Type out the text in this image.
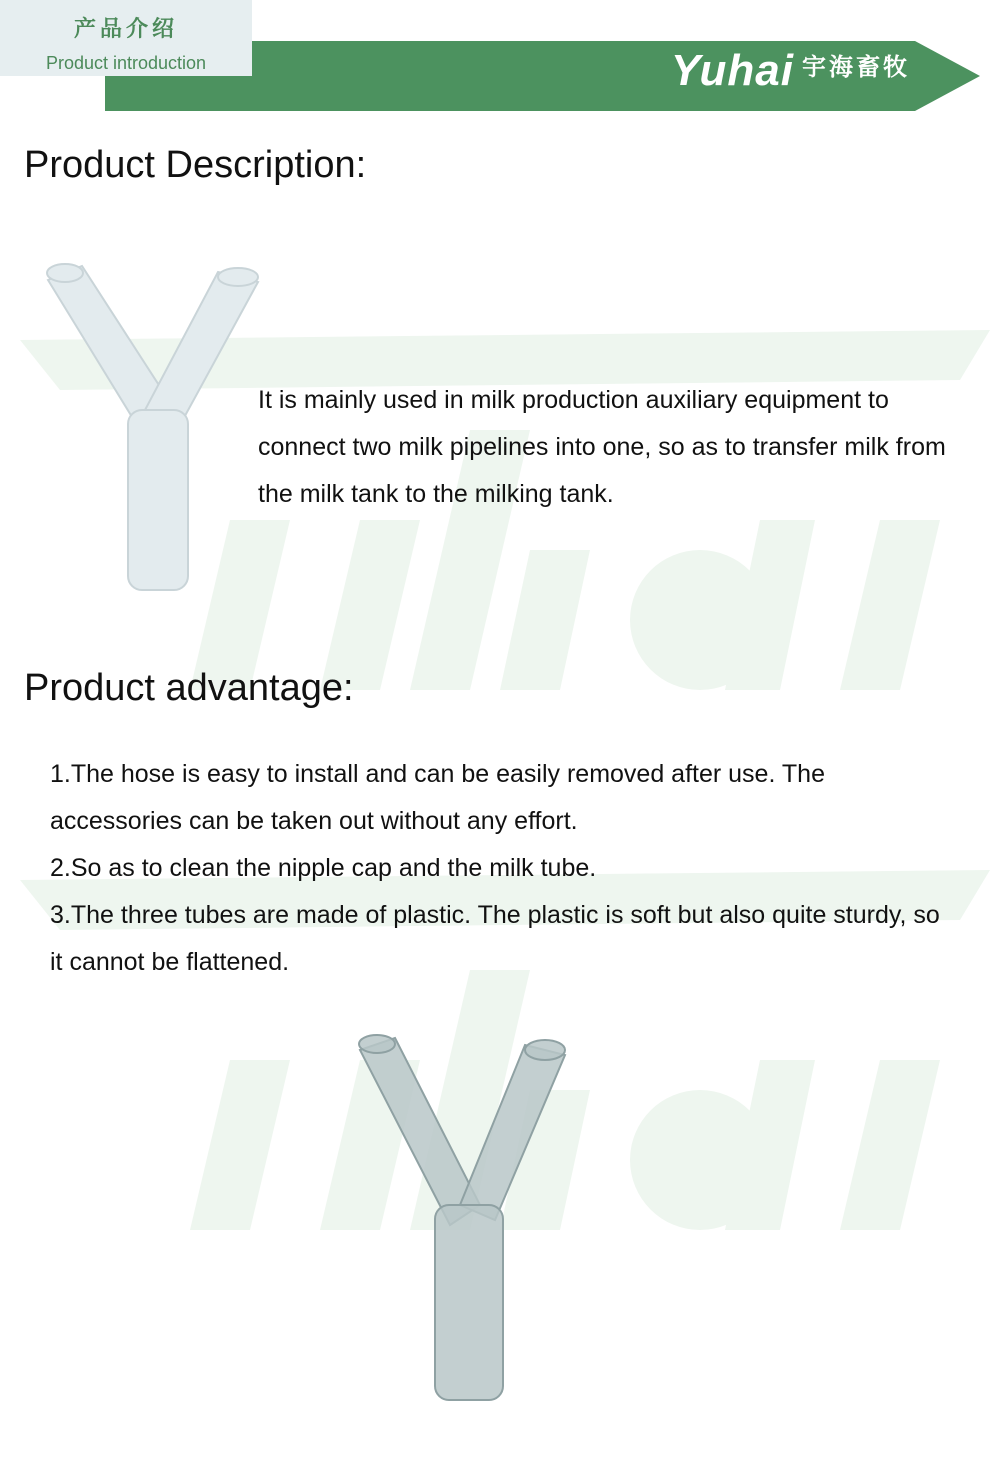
产品介绍
Product introduction	Yuhai 宇海畜牧
Product Description:
It is mainly used in milk production auxiliary equipment to connect two milk pipelines into one, so as to transfer milk from the milk tank to the milking tank.
Product advantage:
1.The hose is easy to install and can be easily removed after use. The accessories can be taken out without any effort.
2.So as to clean the nipple cap and the milk tube.
3.The three tubes are made of plastic. The plastic is soft but also quite sturdy, so it cannot be flattened.
